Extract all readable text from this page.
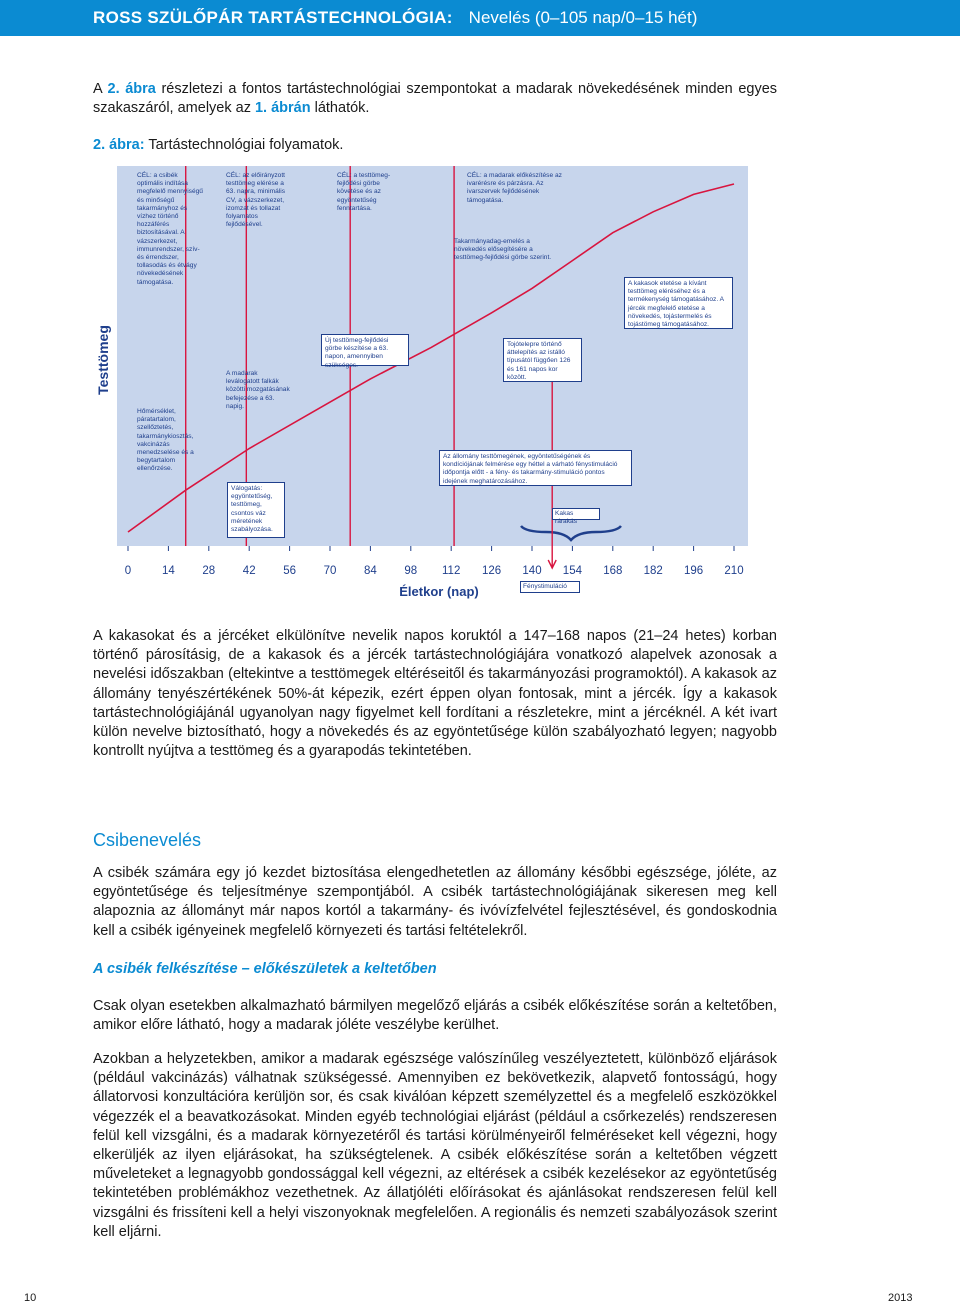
ROSS SZÜLŐPÁR TARTÁSTECHNOLÓGIA: Nevelés (0–105 nap/0–15 hét)

A 2. ábra részletezi a fontos tartástechnológiai szempontokat a madarak növekedésének minden egyes szakaszáról, amelyek az 1. ábrán láthatók.

2. ábra: Tartástechnológiai folyamatok.

Testtömeg
Életkor (nap)
0	14 28 42 56 70 84 98 112 126 140 154 168 182 196 210
CÉL: a csibék optimális indítása megfelelő mennyiségű és minőségű takarmányhoz és vízhez történő hozzáférés biztosításával. A vázszerkezet, immunrendszer, szív- és érrendszer, tollasodás és étvágy növekedésének támogatása.
Hőmérséklet, páratartalom, szellőztetés, takarmánykiosztás, vakcinázás menedzselése és a begytartalom ellenőrzése.
CÉL: az előirányzott testtömeg elérése a 63. napra, minimális CV, a vázszerkezet, izomzat és tollazat folyamatos fejlődésével.
A madarak leválogatott falkák közötti mozgatásának befejezése a 63. napig.
Válogatás: egyöntetűség, testtömeg, csontos váz méretének szabályozása.
CÉL: a testtömeg-fejlődési görbe követése és az egyöntetűség fenntartása.
Új testtömeg-fejlődési görbe készítése a 63. napon, amennyiben szükséges.
CÉL: a madarak előkészítése az ivarérésre és párzásra. Az ivarszervek fejlődésének támogatása.
Takarmányadag-emelés a növekedés elősegítésére a testtömeg-fejlődési görbe szerint.
A kakasok etetése a kívánt testtömeg eléréséhez és a termékenység támogatásához. A jércék megfelelő etetése a növekedés, tojástermelés és tojástömeg támogatásához.
Tojótelepre történő áttelepítés az istálló típusától függően 126 és 161 napos kor között.
Az állomány testtömegének, egyöntetűségének és kondíciójának felmérése egy héttel a várható fénystimuláció időpontja előtt - a fény- és takarmány-stimuláció pontos idejének meghatározásához.
Kakas rárakás
Fénystimuláció

A kakasokat és a jércéket elkülönítve nevelik napos koruktól a 147–168 napos (21–24 hetes) korban történő párosításig, de a kakasok és a jércék tartástechnológiájára vonatkozó alapelvek azonosak a nevelési időszakban (eltekintve a testtömegek eltéréseitől és takarmányozási programoktól). A kakasok az állomány tenyészértékének 50%-át képezik, ezért éppen olyan fontosak, mint a jércék. Így a kakasok tartástechnológiájánál ugyanolyan nagy figyelmet kell fordítani a részletekre, mint a jércéknél. A két ivart külön nevelve biztosítható, hogy a növekedés és az egyöntetűsége külön szabályozható legyen; nagyobb kontrollt nyújtva a testtömeg és a gyarapodás tekintetében.

Csibenevelés

A csibék számára egy jó kezdet biztosítása elengedhetetlen az állomány későbbi egészsége, jóléte, az egyöntetűsége és teljesítménye szempontjából. A csibék tartástechnológiájának sikeresen meg kell alapoznia az állományt már napos kortól a takarmány- és ivóvízfelvétel fejlesztésével, és gondoskodnia kell a csibék igényeinek megfelelő környezeti és tartási feltételekről.

A csibék felkészítése – előkészületek a keltetőben

Csak olyan esetekben alkalmazható bármilyen megelőző eljárás a csibék előkészítése során a keltetőben, amikor előre látható, hogy a madarak jóléte veszélybe kerülhet.

Azokban a helyzetekben, amikor a madarak egészsége valószínűleg veszélyeztetett, különböző eljárások (például vakcinázás) válhatnak szükségessé. Amennyiben ez bekövetkezik, alapvető fontosságú, hogy állatorvosi konzultációra kerüljön sor, és csak kiválóan képzett személyzettel és a megfelelő eszközökkel végezzék el a beavatkozásokat. Minden egyéb technológiai eljárást (például a csőrkezelés) rendszeresen felül kell vizsgálni, és a madarak környezetéről és tartási körülményeiről felméréseket kell végezni, hogy elkerüljék az ilyen eljárásokat, ha szükségtelenek. A csibék előkészítése során a keltetőben végzett műveleteket a legnagyobb gondossággal kell végezni, az eltérések a csibék kezelésekor az egyöntetűség tekintetében problémákhoz vezethetnek. Az állatjóléti előírásokat és ajánlásokat rendszeresen felül kell vizsgálni és frissíteni kell a helyi viszonyoknak megfelelően. A regionális és nemzeti szabályozások szerint kell eljárni.

10	2013
